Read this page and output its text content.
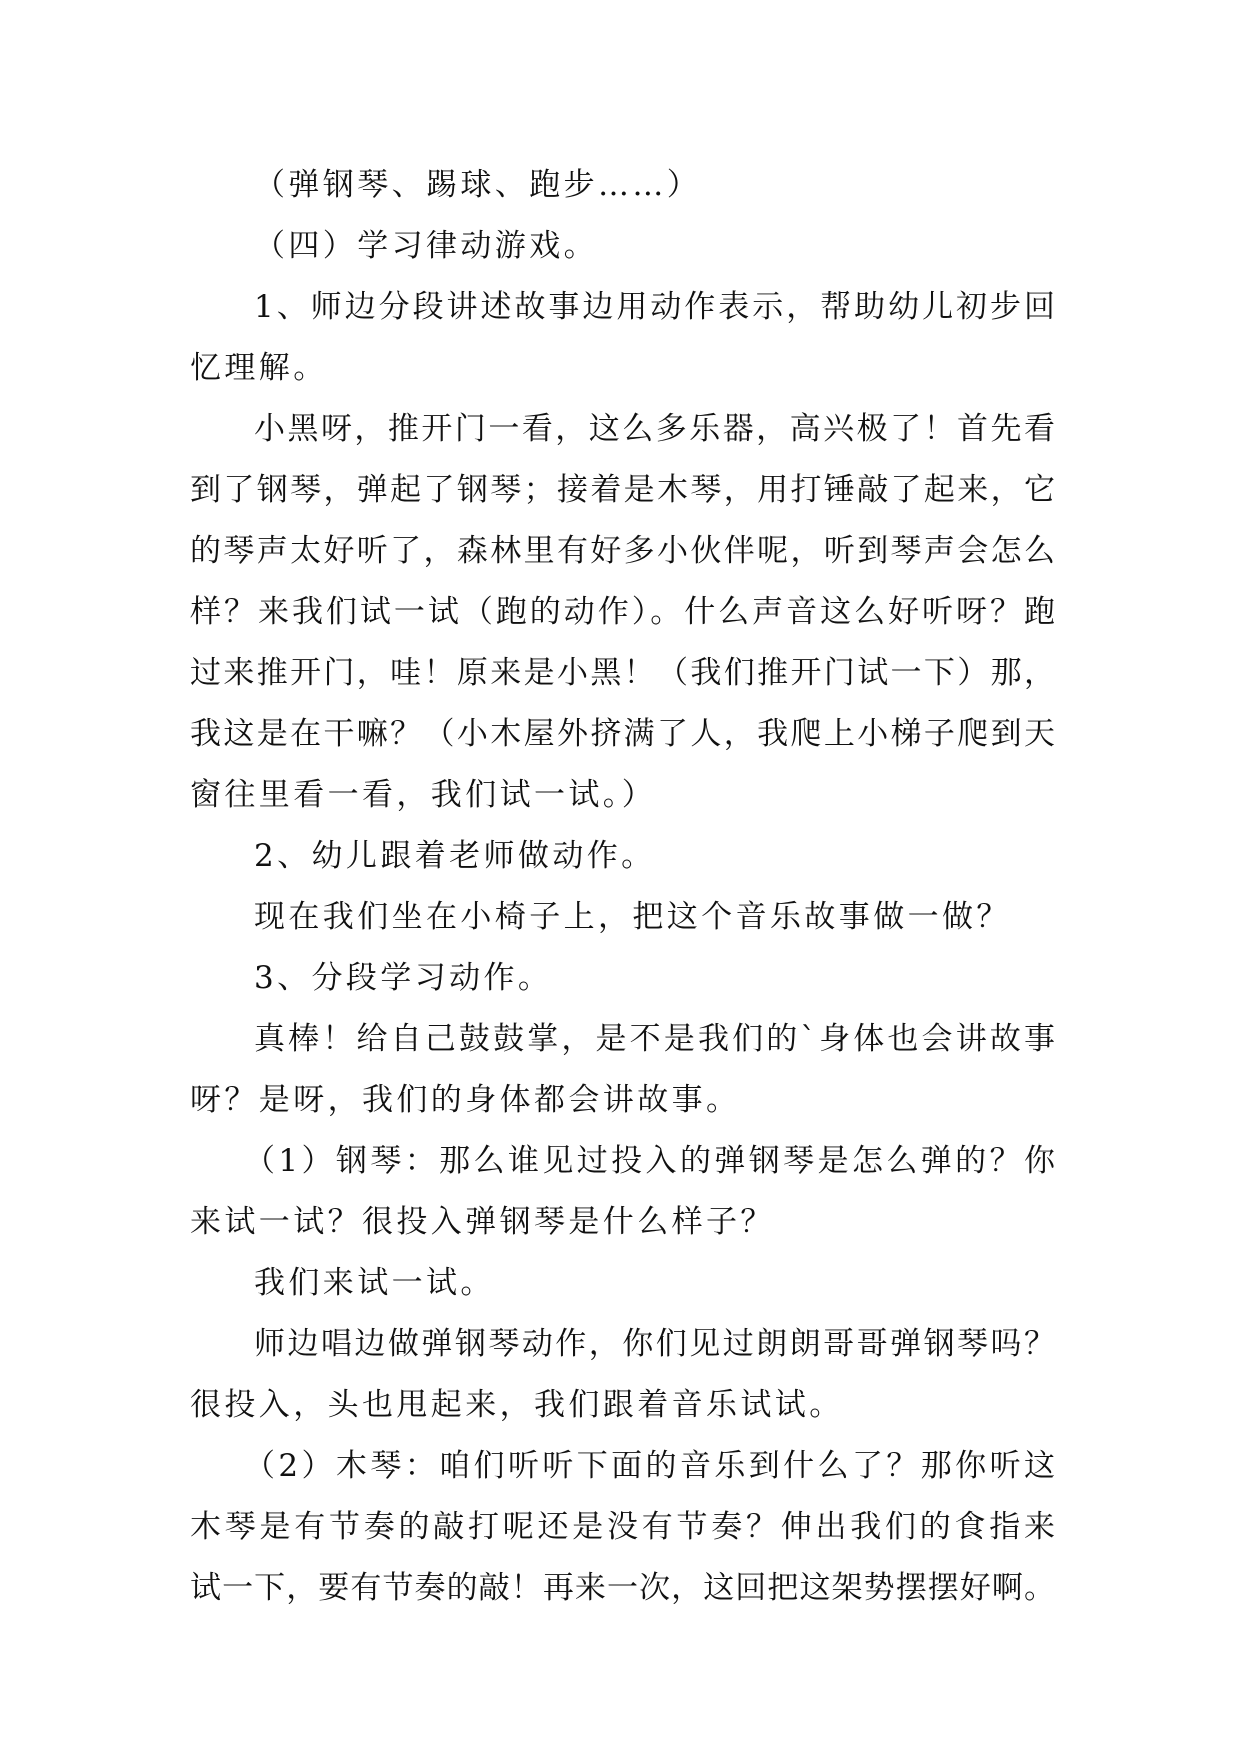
（弹钢琴、踢球、跑步……）
（四）学习律动游戏。
1、师边分段讲述故事边用动作表示，帮助幼儿初步回
忆理解。
小黑呀，推开门一看，这么多乐器，高兴极了！首先看
到了钢琴，弹起了钢琴；接着是木琴，用打锤敲了起来，它
的琴声太好听了，森林里有好多小伙伴呢，听到琴声会怎么
样？来我们试一试（跑的动作）。什么声音这么好听呀？跑
过来推开门，哇！原来是小黑！（我们推开门试一下）那，
我这是在干嘛？（小木屋外挤满了人，我爬上小梯子爬到天
窗往里看一看，我们试一试。）
2、幼儿跟着老师做动作。
现在我们坐在小椅子上，把这个音乐故事做一做？
3、分段学习动作。
真棒！给自己鼓鼓掌，是不是我们的`身体也会讲故事
呀？是呀，我们的身体都会讲故事。
（1）钢琴：那么谁见过投入的弹钢琴是怎么弹的？你
来试一试？很投入弹钢琴是什么样子？
我们来试一试。
师边唱边做弹钢琴动作，你们见过朗朗哥哥弹钢琴吗？
很投入，头也甩起来，我们跟着音乐试试。
（2）木琴：咱们听听下面的音乐到什么了？那你听这
木琴是有节奏的敲打呢还是没有节奏？伸出我们的食指来
试一下，要有节奏的敲！再来一次，这回把这架势摆摆好啊。
